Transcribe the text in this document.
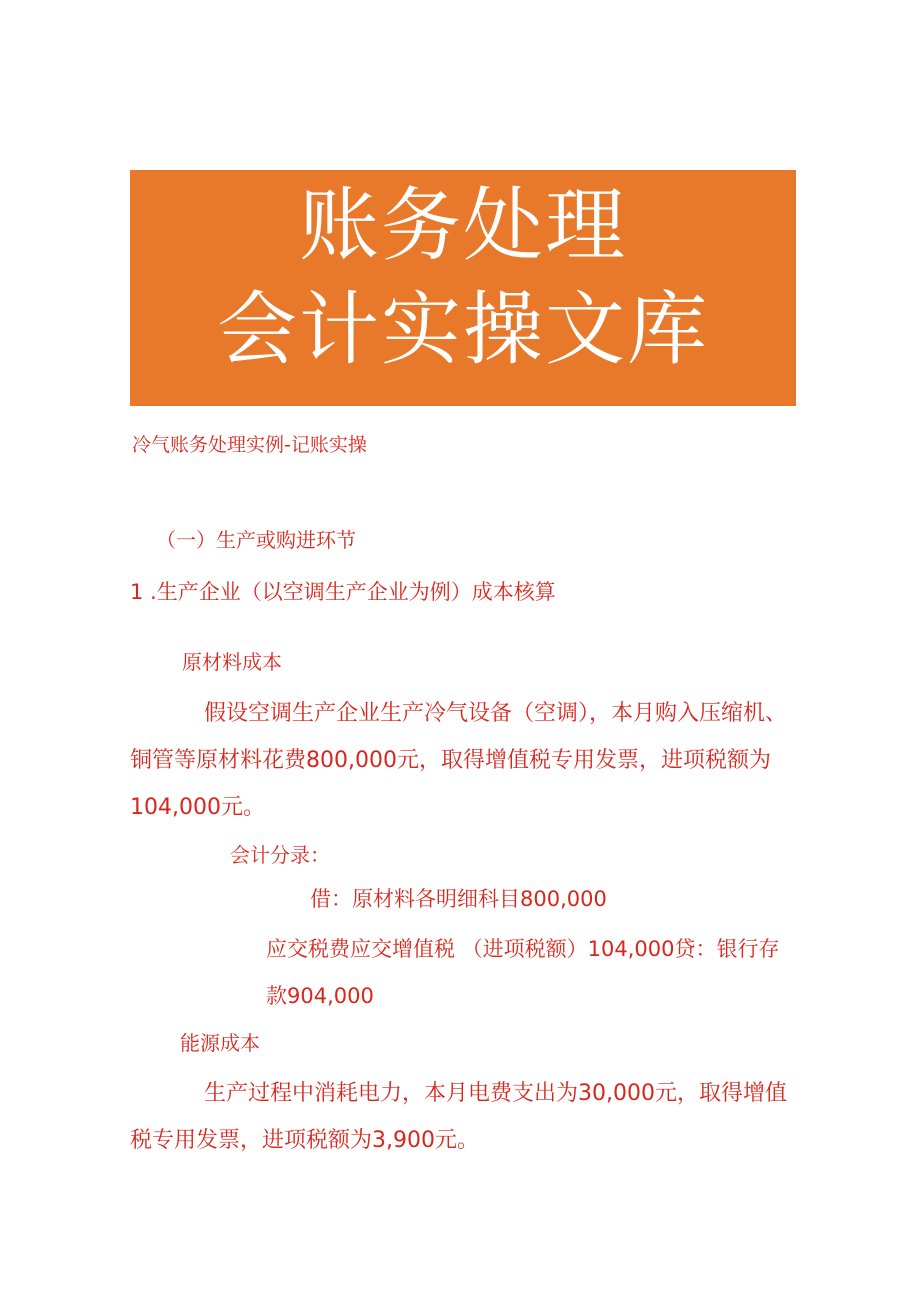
账务处理
会计实操文库
冷气账务处理实例-记账实操
（一）生产或购进环节
1 .生产企业（以空调生产企业为例）成本核算
原材料成本
假设空调生产企业生产冷气设备（空调），本月购入压缩机、铜管等原材料花费800,000元，取得增值税专用发票，进项税额为104,000元。
会计分录：
借：原材料各明细科目800,000
应交税费应交增值税 （进项税额）104,000贷：银行存款904,000
能源成本
生产过程中消耗电力，本月电费支出为30,000元，取得增值税专用发票，进项税额为3,900元。
